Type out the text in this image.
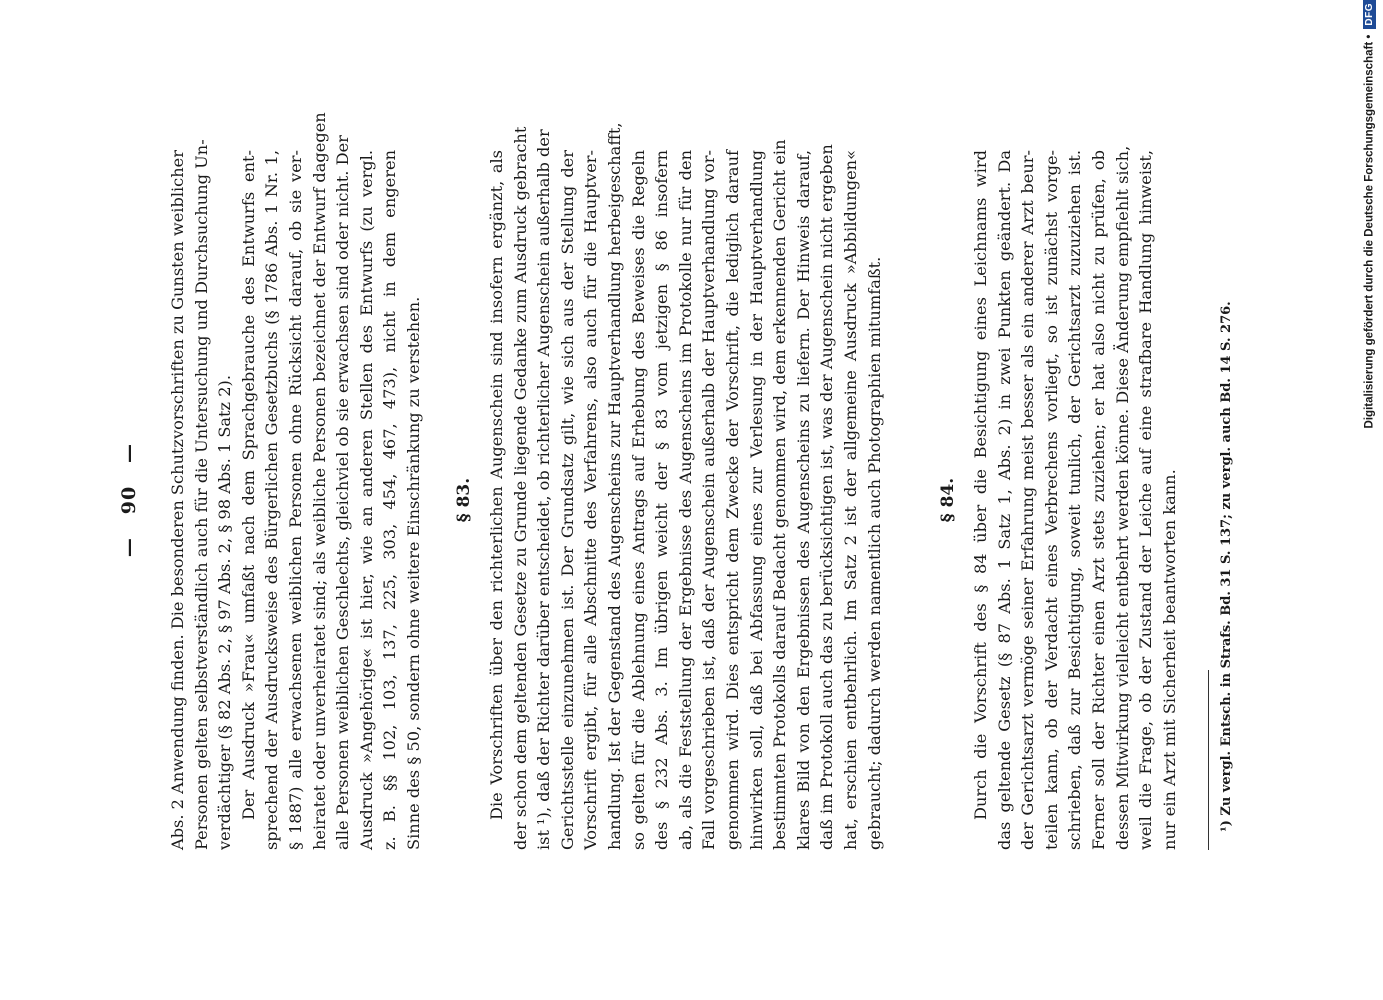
—   90   — Abs. 2 Anwendung finden. Die besonderen Schutzvorschriften zu Gunsten weiblicher Personen gelten selbstverständlich auch für die Untersuchung und Durchsuchung Un- verdächtiger (§ 82 Abs. 2, § 97 Abs. 2, § 98 Abs. 1 Satz 2). Der Ausdruck »Frau« umfaßt nach dem Sprachgebrauche des Entwurfs ent- sprechend der Ausdrucksweise des Bürgerlichen Gesetzbuchs (§ 1786 Abs. 1 Nr. 1, § 1887) alle erwachsenen weiblichen Personen ohne Rücksicht darauf, ob sie ver- heiratet oder unverheiratet sind; als weibliche Personen bezeichnet der Entwurf dagegen alle Personen weiblichen Geschlechts, gleichviel ob sie erwachsen sind oder nicht. Der Ausdruck »Angehörige« ist hier, wie an anderen Stellen des Entwurfs (zu vergl. z. B. §§ 102, 103, 137, 225, 303, 454, 467, 473), nicht in dem engeren Sinne des § 50, sondern ohne weitere Einschränkung zu verstehen. § 83. Die Vorschriften über den richterlichen Augenschein sind insofern ergänzt, als der schon dem geltenden Gesetze zu Grunde liegende Gedanke zum Ausdruck gebracht ist ¹), daß der Richter darüber entscheidet, ob richterlicher Augenschein außerhalb der Gerichtsstelle einzunehmen ist. Der Grundsatz gilt, wie sich aus der Stellung der Vorschrift ergibt, für alle Abschnitte des Verfahrens, also auch für die Hauptver- handlung. Ist der Gegenstand des Augenscheins zur Hauptverhandlung herbeigeschafft, so gelten für die Ablehnung eines Antrags auf Erhebung des Beweises die Regeln des § 232 Abs. 3. Im übrigen weicht der § 83 vom jetzigen § 86 insofern ab, als die Feststellung der Ergebnisse des Augenscheins im Protokolle nur für den Fall vorgeschrieben ist, daß der Augenschein außerhalb der Hauptverhandlung vor- genommen wird. Dies entspricht dem Zwecke der Vorschrift, die lediglich darauf hinwirken soll, daß bei Abfassung eines zur Verlesung in der Hauptverhandlung bestimmten Protokolls darauf Bedacht genommen wird, dem erkennenden Gericht ein klares Bild von den Ergebnissen des Augenscheins zu liefern. Der Hinweis darauf, daß im Protokoll auch das zu berücksichtigen ist, was der Augenschein nicht ergeben hat, erschien entbehrlich. Im Satz 2 ist der allgemeine Ausdruck »Abbildungen« gebraucht; dadurch werden namentlich auch Photographien mitumfaßt.	§ 84. Durch die Vorschrift des § 84 über die Besichtigung eines Leichnams wird das geltende Gesetz (§ 87 Abs. 1 Satz 1, Abs. 2) in zwei Punkten geändert. Da der Gerichtsarzt vermöge seiner Erfahrung meist besser als ein anderer Arzt beur- teilen kann, ob der Verdacht eines Verbrechens vorliegt, so ist zunächst vorge- schrieben, daß zur Besichtigung, soweit tunlich, der Gerichtsarzt zuzuziehen ist. Ferner soll der Richter einen Arzt stets zuziehen; er hat also nicht zu prüfen, ob dessen Mitwirkung vielleicht entbehrt werden könne. Diese Änderung empfiehlt sich, weil die Frage, ob der Zustand der Leiche auf eine strafbare Handlung hinweist, nur ein Arzt mit Sicherheit beantworten kann.	¹) Zu vergl. Entsch. in Strafs. Bd. 31 S. 137; zu vergl. auch Bd. 14 S. 276.
Digitalisierung gefördert durch die Deutsche Forschungsgemeinschaft •DFG
